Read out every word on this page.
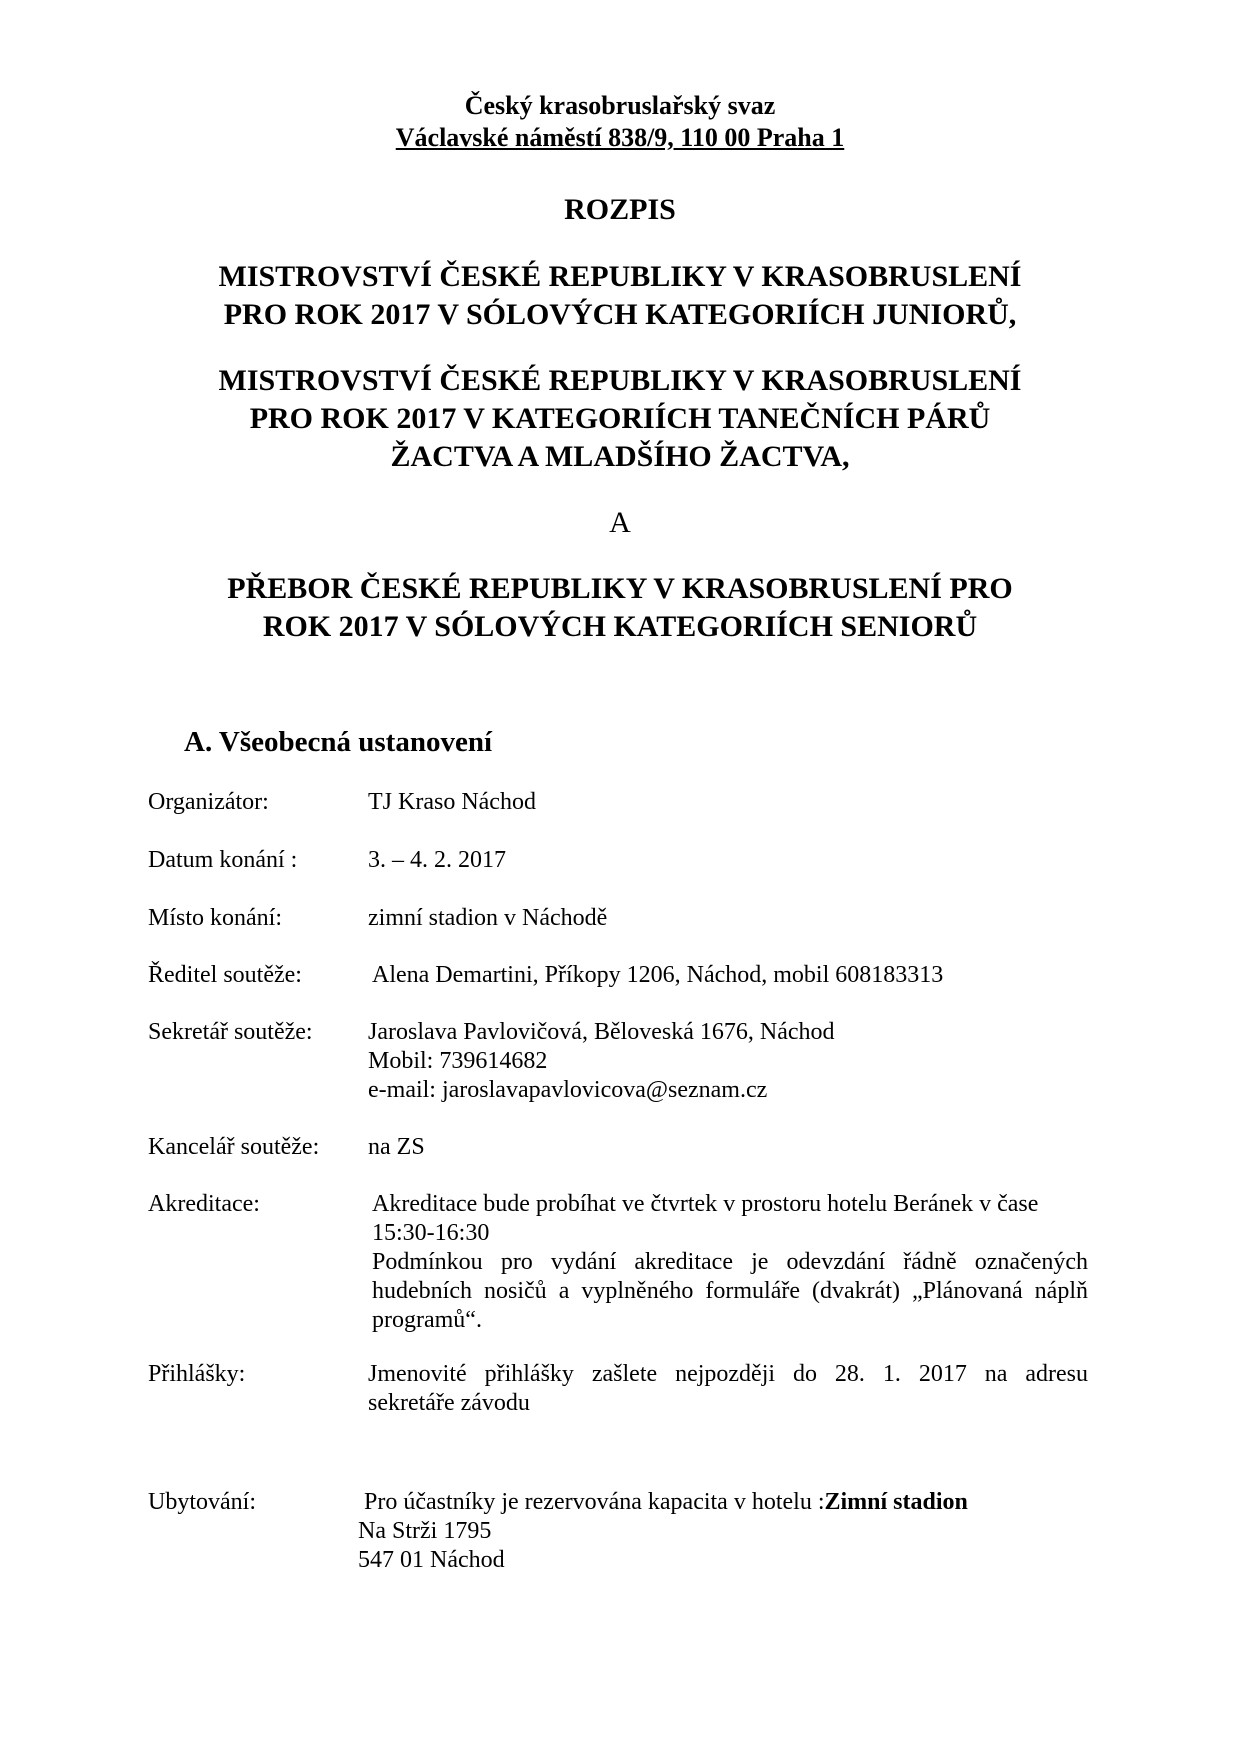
Český krasobruslařský svaz
Václavské náměstí 838/9, 110 00 Praha 1
ROZPIS
MISTROVSTVÍ ČESKÉ REPUBLIKY V KRASOBRUSLENÍ
PRO ROK 2017 V SÓLOVÝCH KATEGORIÍCH JUNIORŮ,
MISTROVSTVÍ ČESKÉ REPUBLIKY V KRASOBRUSLENÍ
PRO ROK 2017 V KATEGORIÍCH TANEČNÍCH PÁRŮ
ŽACTVA A MLADŠÍHO ŽACTVA,
A
PŘEBOR ČESKÉ REPUBLIKY V KRASOBRUSLENÍ PRO
ROK 2017 V SÓLOVÝCH KATEGORIÍCH SENIORŮ
A. Všeobecná ustanovení
Organizátor:	TJ Kraso Náchod
Datum konání :	3. – 4. 2. 2017
Místo konání:	zimní stadion v Náchodě
Ředitel soutěže:	Alena Demartini, Příkopy 1206, Náchod, mobil 608183313
Sekretář soutěže: Jaroslava Pavlovičová, Běloveská 1676, Náchod
Mobil: 739614682
e-mail: jaroslavapavlovicova@seznam.cz
Kancelář soutěže: na ZS
Akreditace:	Akreditace bude probíhat ve čtvrtek v prostoru hotelu Beránek v čase
15:30-16:30
Podmínkou pro vydání akreditace je odevzdání řádně označených
hudebních nosičů a vyplněného formuláře (dvakrát) „Plánovaná náplň
programů“.
Přihlášky:	Jmenovité přihlášky zašlete nejpozději do 28. 1. 2017 na adresu
sekretáře závodu
Ubytování:	Pro účastníky je rezervována kapacita v hotelu :Zimní stadion
Na Strži 1795
547 01 Náchod
